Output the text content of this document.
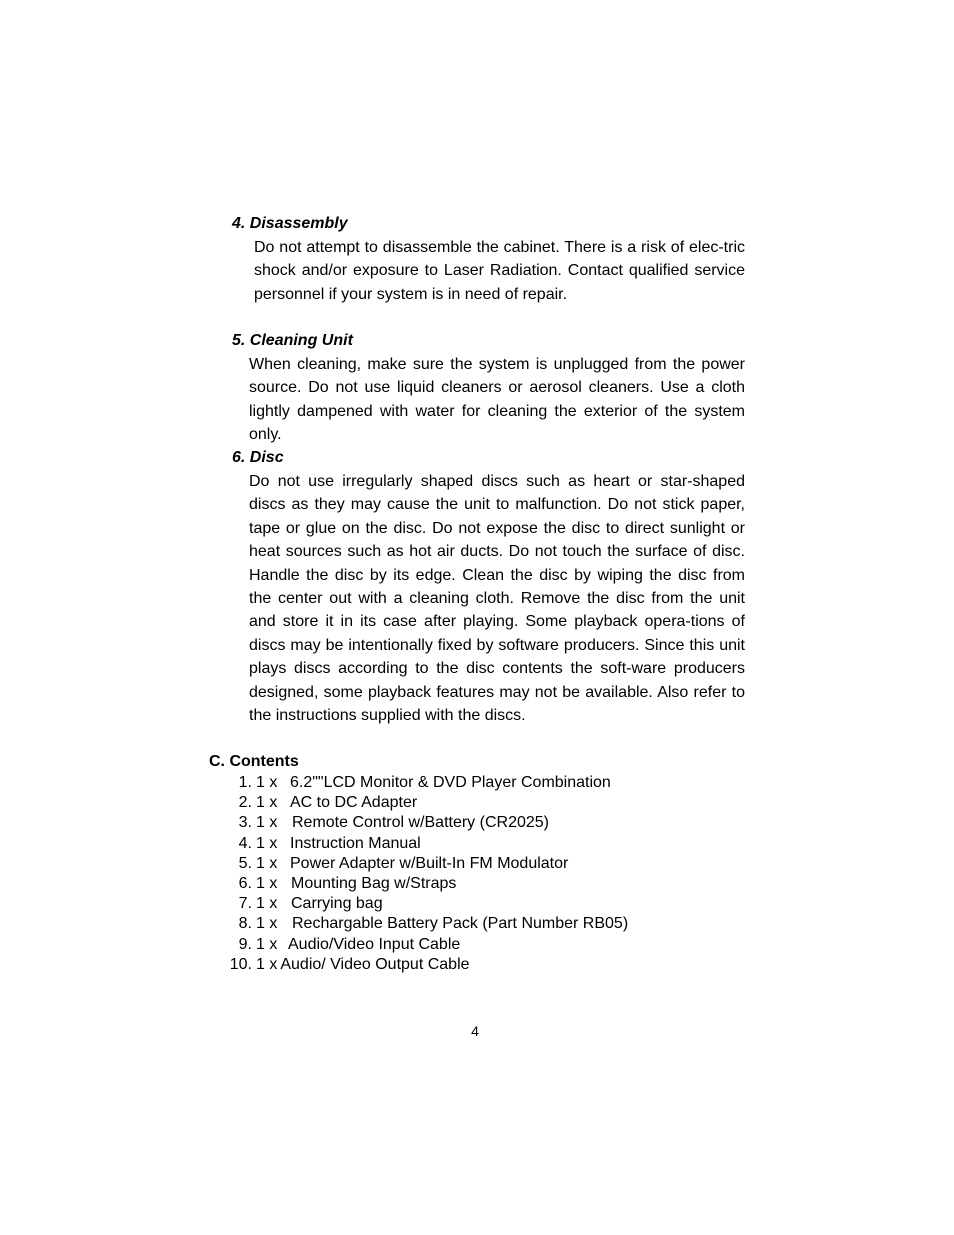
4. Disassembly

Do not attempt to disassemble the cabinet. There is a risk of elec-tric shock and/or exposure to Laser Radiation. Contact qualified service personnel if your system is in need of repair.

5. Cleaning Unit

When cleaning, make sure the system is unplugged from the power source. Do not use liquid cleaners or aerosol cleaners. Use a cloth lightly dampened with water for cleaning the exterior of the system only.

6. Disc

Do not use irregularly shaped discs such as heart or star-shaped discs as they may cause the unit to malfunction. Do not stick paper, tape or glue on the disc. Do not expose the disc to direct sunlight or heat sources such as hot air ducts. Do not touch the surface of disc. Handle the disc by its edge. Clean the disc by wiping the disc from the center out with a cleaning cloth. Remove the disc from the unit and store it in its case after playing. Some playback opera-tions of discs may be intentionally fixed by software producers. Since this unit plays discs according to the disc contents the soft-ware producers designed, some playback features may not be available. Also refer to the instructions supplied with the discs.

C. Contents
1. 1 x 6.2""LCD Monitor & DVD Player Combination
2. 1 x AC to DC Adapter
3. 1 x Remote Control w/Battery (CR2025)
4. 1 x Instruction Manual
5. 1 x Power Adapter w/Built-In FM Modulator
6. 1 x Mounting Bag w/Straps
7. 1 x Carrying bag
8. 1 x Rechargable Battery Pack (Part Number RB05)
9. 1 x Audio/Video Input Cable
10. 1 x Audio/ Video Output Cable
4
